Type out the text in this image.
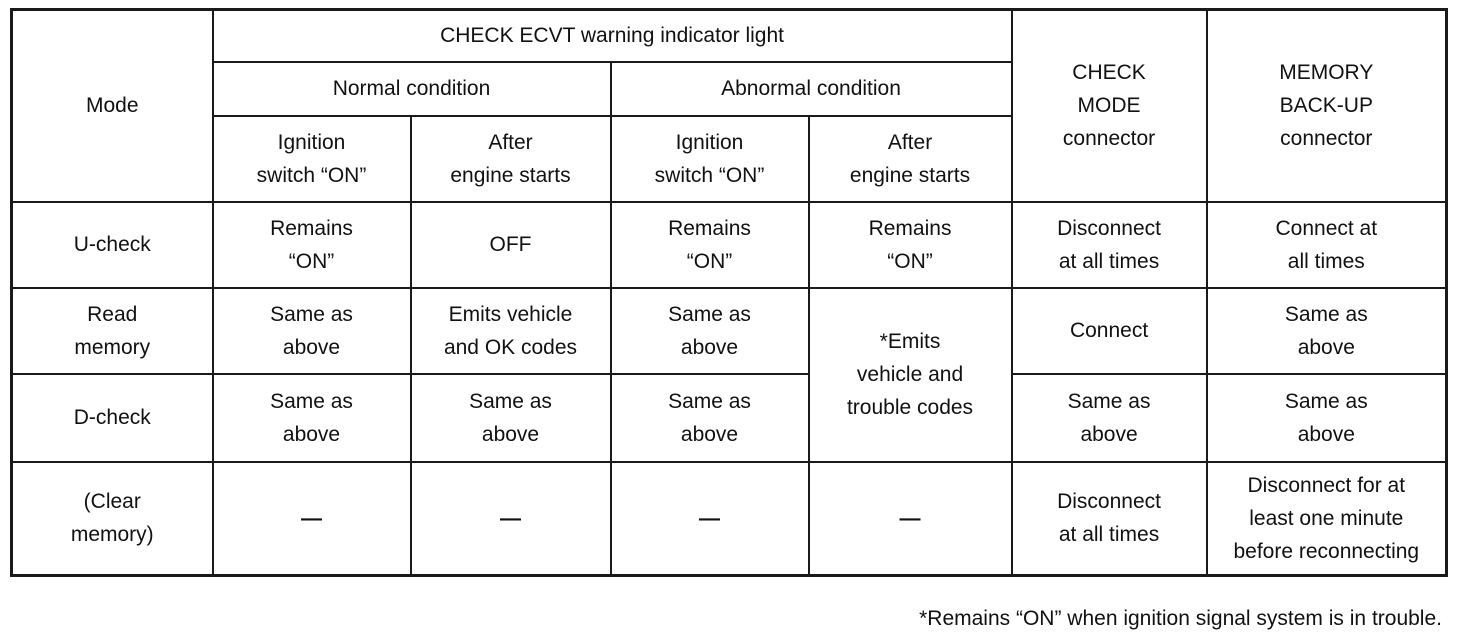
Mode	CHECK ECVT warning indicator light				CHECK
MODE
connector	MEMORY
BACK-UP
connector

	Normal condition		Abnormal condition			

	Ignition
switch “ON”	After
engine starts	Ignition
switch “ON”	After
engine starts		

U-check	Remains
“ON”	OFF	Remains
“ON”	Remains
“ON”	Disconnect
at all times	Connect at
all times

Read
memory	Same as
above	Emits vehicle
and OK codes	Same as
above	*Emits
vehicle and
trouble codes	Connect	Same as
above

D-check	Same as
above	Same as
above	Same as
above		Same as
above	Same as
above

(Clear
memory)	—	—	—	—	Disconnect
at all times	Disconnect for at
least one minute
before reconnecting
*Remains “ON” when ignition signal system is in trouble.
